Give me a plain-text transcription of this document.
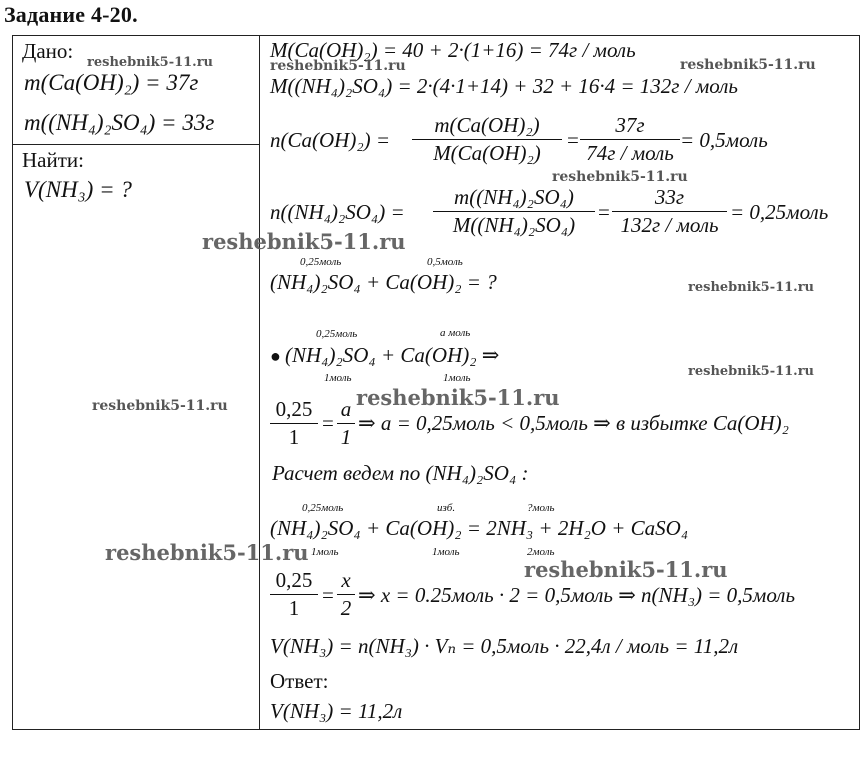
Задание 4-20.
Дано:
m(Ca(OH)₂) = 37г
m((NH₄)₂SO₄) = 33г
Найти:
V(NH₃) = ?
M(Ca(OH)₂) = 40 + 2·(1+16) = 74г / моль
M((NH₄)₂SO₄) = 2·(4·1+14) + 32 + 16·4 = 132г / моль
n(Ca(OH)₂) =
m(Ca(OH)₂)
M(Ca(OH)₂)
=
37г
74г / моль
= 0,5моль
n((NH₄)₂SO₄) =
m((NH₄)₂SO₄)
M((NH₄)₂SO₄)
=
33г
132г / моль
= 0,25моль
0,25моль	0,5моль
(NH₄)₂SO₄ + Ca(OH)₂ = ?
0,25моль	a моль
● (NH₄)₂SO₄ + Ca(OH)₂ ⇒
1моль	1моль
0,25
1
=
a
1
⇒ a = 0,25моль < 0,5моль ⇒ в избытке Ca(OH)₂
Расчет ведем по (NH₄)₂SO₄ :
0,25моль	изб.	?моль
(NH₄)₂SO₄ + Ca(OH)₂ = 2NH₃ + 2H₂O + CaSO₄
1моль	1моль	2моль
0,25
1
=
x
2
⇒ x = 0.25моль · 2 = 0,5моль ⇒ n(NH₃) = 0,5моль
V(NH₃) = n(NH₃) · Vₙ = 0,5моль · 22,4л / моль = 11,2л
Ответ:
V(NH₃) = 11,2л
reshebnik5-11.ru	reshebnik5-11.ru	reshebnik5-11.ru
reshebnik5-11.ru
reshebnik5-11.ru
reshebnik5-11.ru
reshebnik5-11.ru
reshebnik5-11.ru	reshebnik5-11.ru
reshebnik5-11.ru
reshebnik5-11.ru
